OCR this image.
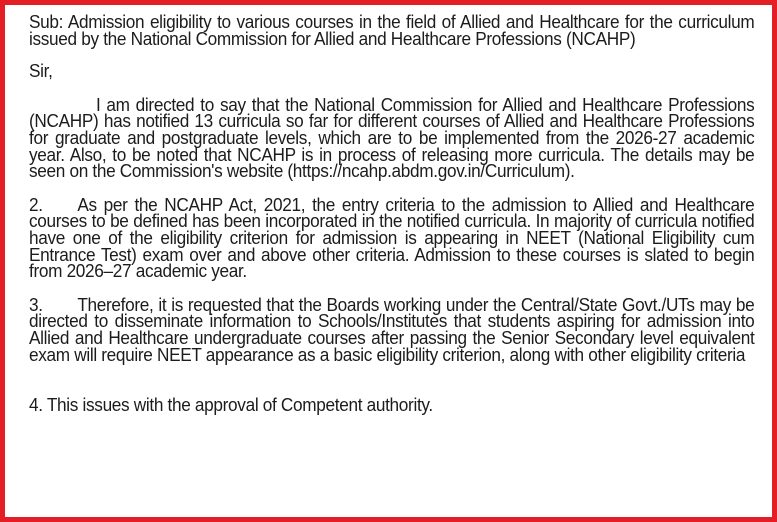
Sub: Admission eligibility to various courses in the field of Allied and Healthcare for the curriculum issued by the National Commission for Allied and Healthcare Professions (NCAHP)

Sir,

I am directed to say that the National Commission for Allied and Healthcare Professions (NCAHP) has notified 13 curricula so far for different courses of Allied and Healthcare Professions for graduate and postgraduate levels, which are to be implemented from the 2026-27 academic year. Also, to be noted that NCAHP is in process of releasing more curricula. The details may be seen on the Commission's website (https://ncahp.abdm.gov.in/Curriculum).

2. As per the NCAHP Act, 2021, the entry criteria to the admission to Allied and Healthcare courses to be defined has been incorporated in the notified curricula. In majority of curricula notified have one of the eligibility criterion for admission is appearing in NEET (National Eligibility cum Entrance Test) exam over and above other criteria. Admission to these courses is slated to begin from 2026–27 academic year.

3. Therefore, it is requested that the Boards working under the Central/State Govt./UTs may be directed to disseminate information to Schools/Institutes that students aspiring for admission into Allied and Healthcare undergraduate courses after passing the Senior Secondary level equivalent exam will require NEET appearance as a basic eligibility criterion, along with other eligibility criteria

4. This issues with the approval of Competent authority.
